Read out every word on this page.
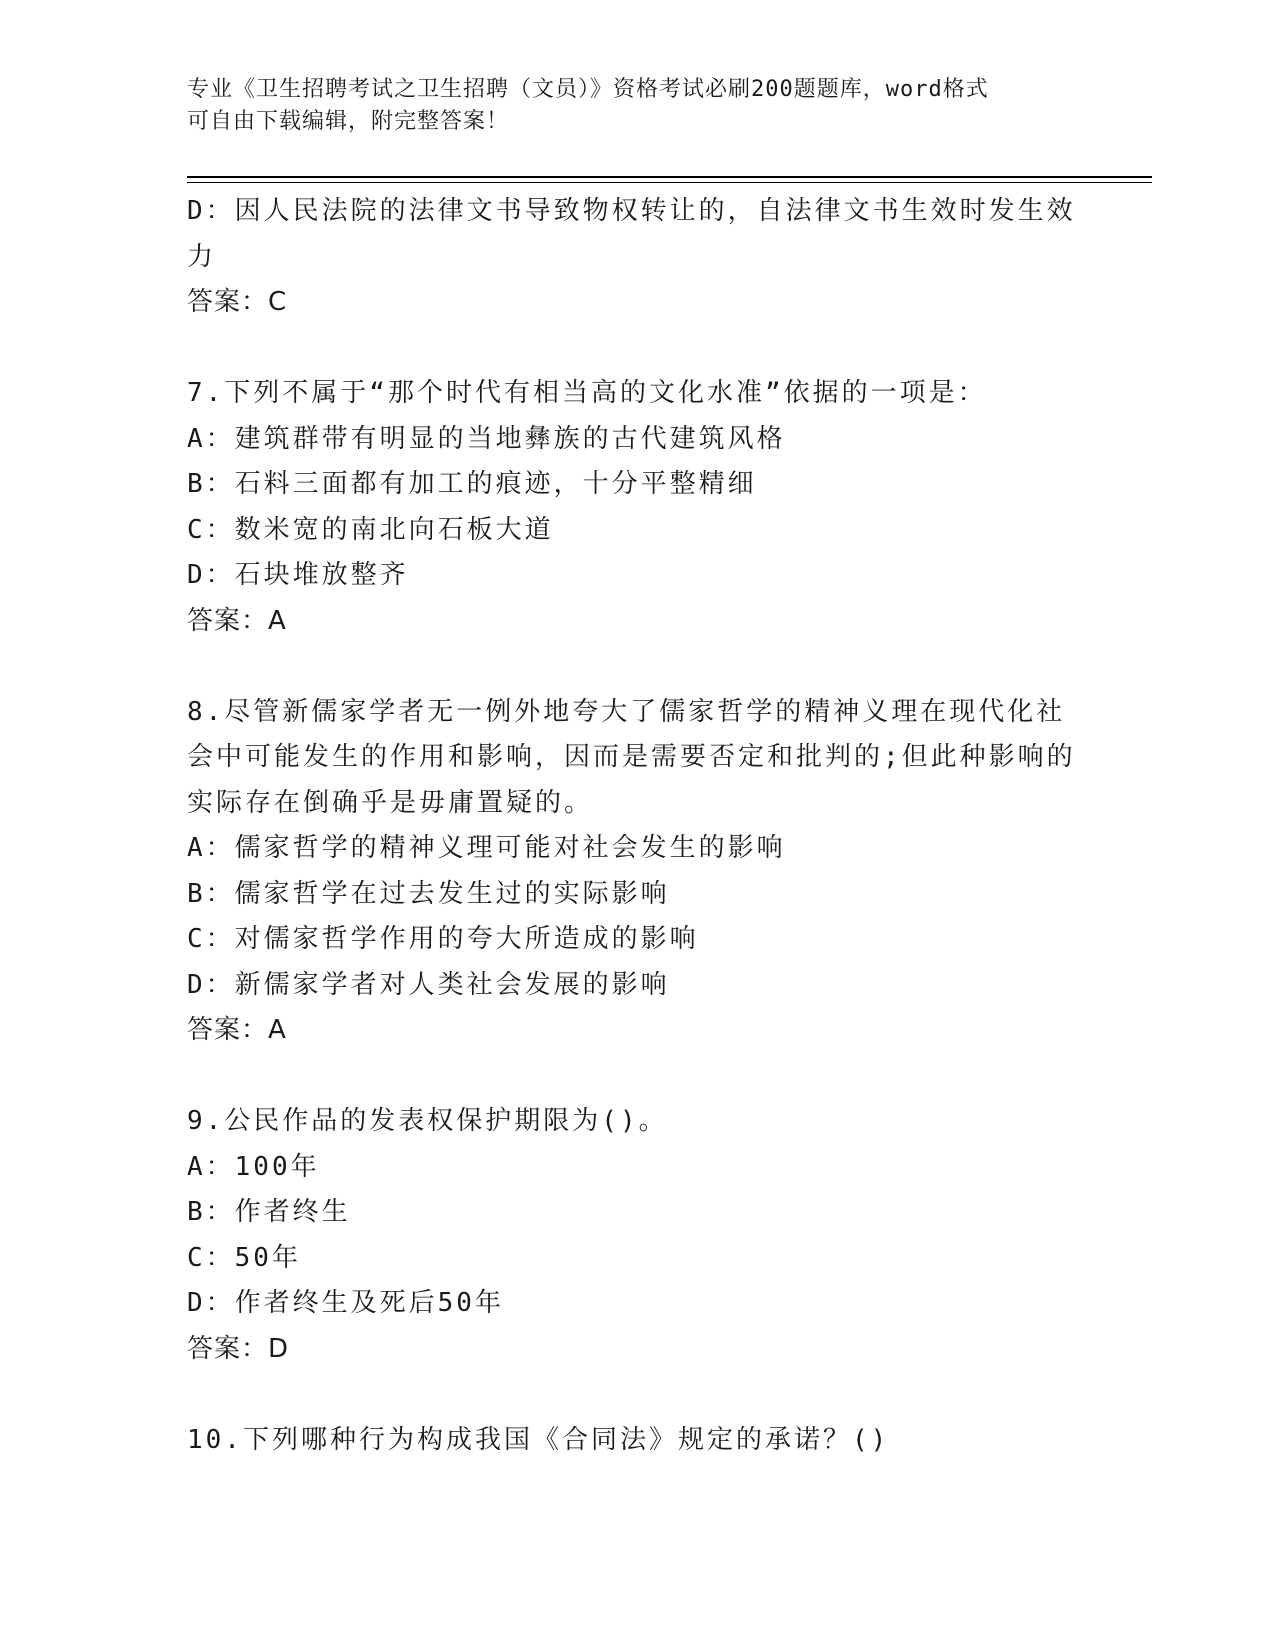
专业《卫生招聘考试之卫生招聘（文员）》资格考试必刷200题题库，word格式
可自由下载编辑，附完整答案！
D：因人民法院的法律文书导致物权转让的，自法律文书生效时发生效
力
答案：C
7.下列不属于“那个时代有相当高的文化水准”依据的一项是：
A：建筑群带有明显的当地彝族的古代建筑风格
B：石料三面都有加工的痕迹，十分平整精细
C：数米宽的南北向石板大道
D：石块堆放整齐
答案：A
8.尽管新儒家学者无一例外地夸大了儒家哲学的精神义理在现代化社
会中可能发生的作用和影响，因而是需要否定和批判的;但此种影响的
实际存在倒确乎是毋庸置疑的。
A：儒家哲学的精神义理可能对社会发生的影响
B：儒家哲学在过去发生过的实际影响
C：对儒家哲学作用的夸大所造成的影响
D：新儒家学者对人类社会发展的影响
答案：A
9.公民作品的发表权保护期限为()。
A：100年
B：作者终生
C：50年
D：作者终生及死后50年
答案：D
10.下列哪种行为构成我国《合同法》规定的承诺？()
